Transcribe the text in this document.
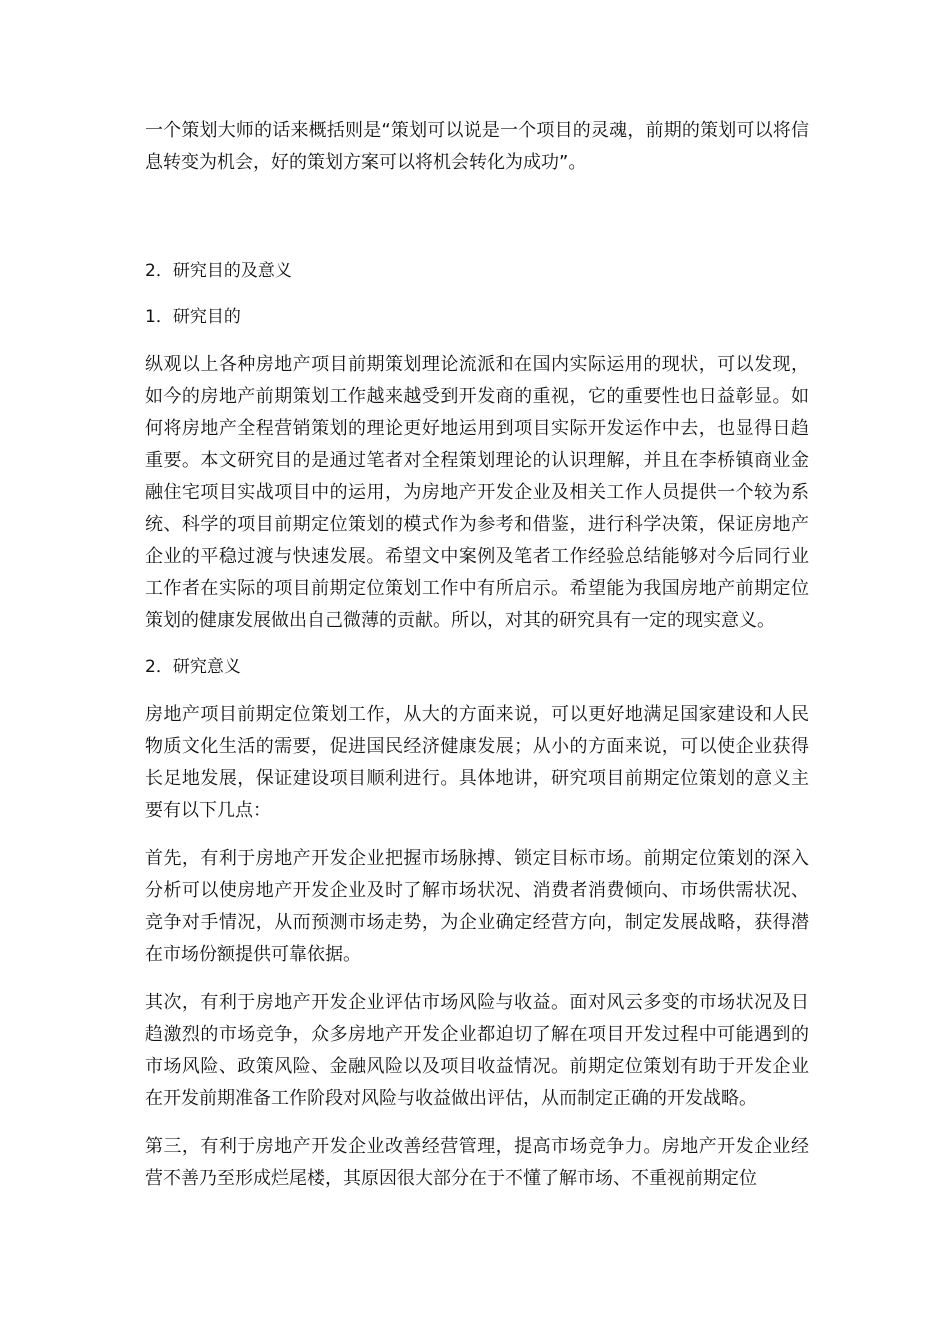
一个策划大师的话来概括则是“策划可以说是一个项目的灵魂，前期的策划可以将信息转变为机会，好的策划方案可以将机会转化为成功”。

2．研究目的及意义

1．研究目的

纵观以上各种房地产项目前期策划理论流派和在国内实际运用的现状，可以发现，如今的房地产前期策划工作越来越受到开发商的重视，它的重要性也日益彰显。如何将房地产全程营销策划的理论更好地运用到项目实际开发运作中去，也显得日趋重要。本文研究目的是通过笔者对全程策划理论的认识理解，并且在李桥镇商业金融住宅项目实战项目中的运用，为房地产开发企业及相关工作人员提供一个较为系统、科学的项目前期定位策划的模式作为参考和借鉴，进行科学决策，保证房地产企业的平稳过渡与快速发展。希望文中案例及笔者工作经验总结能够对今后同行业工作者在实际的项目前期定位策划工作中有所启示。希望能为我国房地产前期定位策划的健康发展做出自己微薄的贡献。所以，对其的研究具有一定的现实意义。

2．研究意义

房地产项目前期定位策划工作，从大的方面来说，可以更好地满足国家建设和人民物质文化生活的需要，促进国民经济健康发展；从小的方面来说，可以使企业获得长足地发展，保证建设项目顺利进行。具体地讲，研究项目前期定位策划的意义主要有以下几点：

首先，有利于房地产开发企业把握市场脉搏、锁定目标市场。前期定位策划的深入分析可以使房地产开发企业及时了解市场状况、消费者消费倾向、市场供需状况、竞争对手情况，从而预测市场走势，为企业确定经营方向，制定发展战略，获得潜在市场份额提供可靠依据。

其次，有利于房地产开发企业评估市场风险与收益。面对风云多变的市场状况及日趋激烈的市场竞争，众多房地产开发企业都迫切了解在项目开发过程中可能遇到的市场风险、政策风险、金融风险以及项目收益情况。前期定位策划有助于开发企业在开发前期准备工作阶段对风险与收益做出评估，从而制定正确的开发战略。

第三，有利于房地产开发企业改善经营管理，提高市场竞争力。房地产开发企业经营不善乃至形成烂尾楼，其原因很大部分在于不懂了解市场、不重视前期定位
